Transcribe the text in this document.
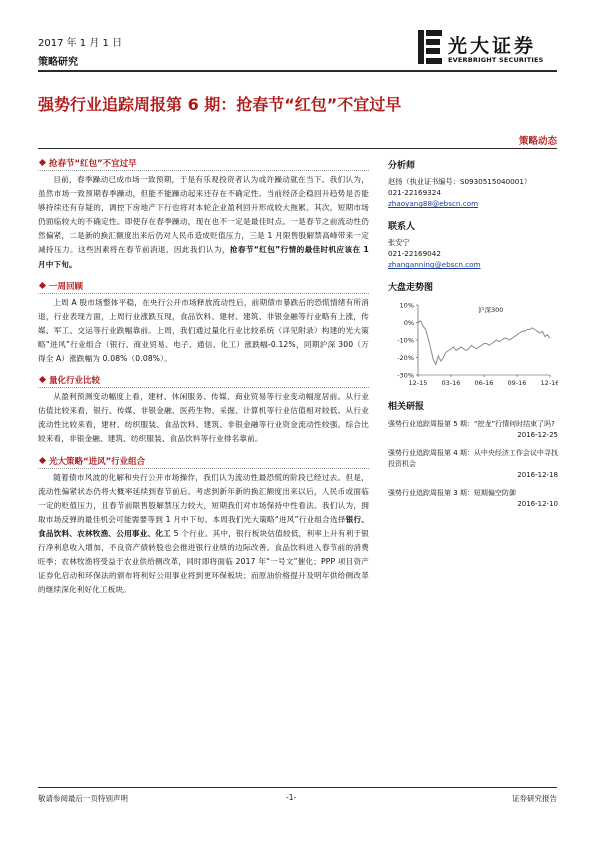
2017 年 1 月 1 日
策略研究
光大证券
EVERBRIGHT SECURITIES
强势行业追踪周报第 6 期：抢春节“红包”不宜过早
策略动态
抢春节“红包”不宜过早

目前，春季躁动已成市场一致预期，于是有乐观投资者认为或许躁动就在当下。我们认为，虽然市场一致预期春季躁动，但能不能躁动起来还存在不确定性。当前经济企稳回升趋势是否能够持续还有存疑的，调控下房地产下行也将对本轮企业盈利回升形成较大拖累。其次，短期市场仍面临较大的不确定性。即使存在春季躁动，现在也不一定是最佳时点。一是春节之前流动性仍然偏紧，二是新的换汇额度出来后仍对人民币造成贬值压力，三是 1 月限售股解禁高峰带来一定减持压力。这些因素将在春节前消退，因此我们认为，抢春节“红包”行情的最佳时机应该在 1 月中下旬。

一周回顾

上周 A 股市场整体平稳，在央行公开市场释放流动性后，前期债市暴跌后的恐慌情绪有所消退，行业表现方面，上周行业涨跌互现，食品饮料、建材、建筑、非银金融等行业略有上涨，传媒、军工、交运等行业跌幅靠前。上周，我们通过量化行业比较系统（详见附录）构建的光大策略“进风”行业组合（银行、商业贸易、电子、通信、化工）涨跌幅-0.12%，同期沪深 300（万得全 A）涨跌幅为 0.08%（0.08%）。

量化行业比较

从盈利预测变动幅度上看，建材、休闲服务、传媒、商业贸易等行业变动幅度居前。从行业估值比较来看，银行、传媒、非银金融、医药生物、采掘、计算机等行业估值相对较低。从行业流动性比较来看，建材、纺织服装、食品饮料、建筑、非银金融等行业资金流动性较强。综合比较来看，非银金融、建筑、纺织服装、食品饮料等行业排名靠前。

光大策略“进风”行业组合

随着债市风波的化解和央行公开市场操作，我们认为流动性最恐慌的阶段已经过去。但是，流动性偏紧状态仍将大概率延续到春节前后。考虑到新年新的换汇额度出来以后，人民币或面临一定的贬值压力，且春节前限售股解禁压力较大，短期我们对市场保持中性看法。我们认为，拥取市场反弹的最佳机会可能需要等到 1 月中下旬。本周我们光大策略“进风”行业组合选择银行、食品饮料、农林牧渔、公用事业、化工 5 个行业。其中，银行板块估值较低，利率上升有利于银行净利息收入增加，不良资产债转股也会推进银行业绩的边际改善。食品饮料进入春节前的消费旺季；农林牧渔将受益于农业供给侧改革，同时即将面临 2017 年“一号文”催化；PPP 项目资产证券化启动和环保法的颁布将利好公用事业将到更环保板块；而原油价格提升及明年供给侧改革的继续深化利好化工板块。

分析师
赵扬（执业证书编号：S0930515040001）
021-22169324
zhaoyang88@ebscn.com
联系人
张安宁
021-22169042
zhanganning@ebscn.com
大盘走势图
10%
0%
-10%
-20%
-30%
12-15 03-16 06-16 09-16 12-16
沪深300
相关研报
强势行业追踪周报第 5 期：“挖龙”行情何时结束了吗?
2016-12-25
强势行业追踪周报第 4 期：从中央经济工作会议中寻找投资机会
2016-12-18
强势行业追踪周报第 3 期：短期偏空防御
2016-12-10
敬请参阅最后一页特别声明	-1-	证券研究报告
